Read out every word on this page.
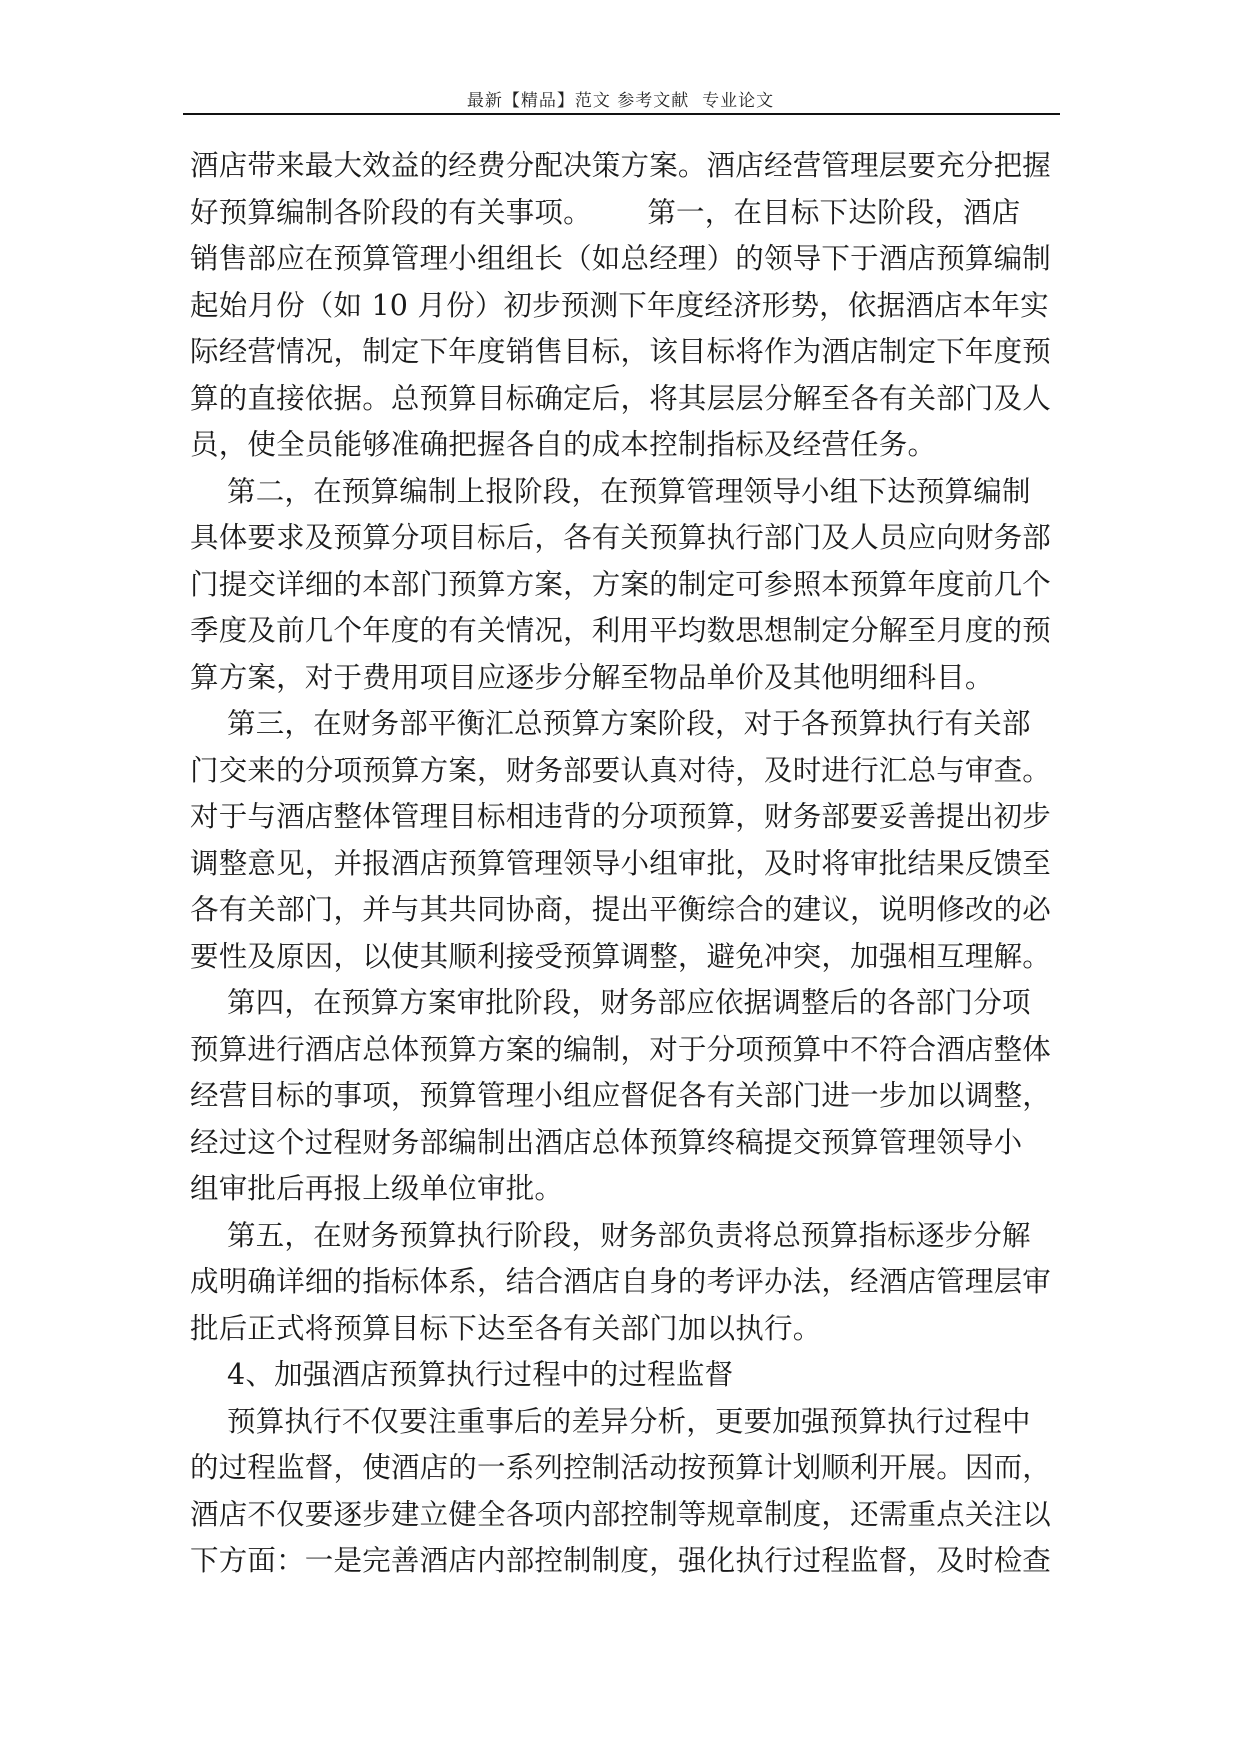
最新【精品】范文 参考文献  专业论文
酒店带来最大效益的经费分配决策方案。酒店经营管理层要充分把握
好预算编制各阶段的有关事项。      第一，在目标下达阶段，酒店
销售部应在预算管理小组组长（如总经理）的领导下于酒店预算编制
起始月份（如 10 月份）初步预测下年度经济形势，依据酒店本年实
际经营情况，制定下年度销售目标，该目标将作为酒店制定下年度预
算的直接依据。总预算目标确定后，将其层层分解至各有关部门及人
员，使全员能够准确把握各自的成本控制指标及经营任务。
第二，在预算编制上报阶段，在预算管理领导小组下达预算编制
具体要求及预算分项目标后，各有关预算执行部门及人员应向财务部
门提交详细的本部门预算方案，方案的制定可参照本预算年度前几个
季度及前几个年度的有关情况，利用平均数思想制定分解至月度的预
算方案，对于费用项目应逐步分解至物品单价及其他明细科目。
第三，在财务部平衡汇总预算方案阶段，对于各预算执行有关部
门交来的分项预算方案，财务部要认真对待，及时进行汇总与审查。
对于与酒店整体管理目标相违背的分项预算，财务部要妥善提出初步
调整意见，并报酒店预算管理领导小组审批，及时将审批结果反馈至
各有关部门，并与其共同协商，提出平衡综合的建议，说明修改的必
要性及原因，以使其顺利接受预算调整，避免冲突，加强相互理解。
第四，在预算方案审批阶段，财务部应依据调整后的各部门分项
预算进行酒店总体预算方案的编制，对于分项预算中不符合酒店整体
经营目标的事项，预算管理小组应督促各有关部门进一步加以调整，
经过这个过程财务部编制出酒店总体预算终稿提交预算管理领导小
组审批后再报上级单位审批。
第五，在财务预算执行阶段，财务部负责将总预算指标逐步分解
成明确详细的指标体系，结合酒店自身的考评办法，经酒店管理层审
批后正式将预算目标下达至各有关部门加以执行。
4、加强酒店预算执行过程中的过程监督
预算执行不仅要注重事后的差异分析，更要加强预算执行过程中
的过程监督，使酒店的一系列控制活动按预算计划顺利开展。因而，
酒店不仅要逐步建立健全各项内部控制等规章制度，还需重点关注以
下方面：一是完善酒店内部控制制度，强化执行过程监督，及时检查
